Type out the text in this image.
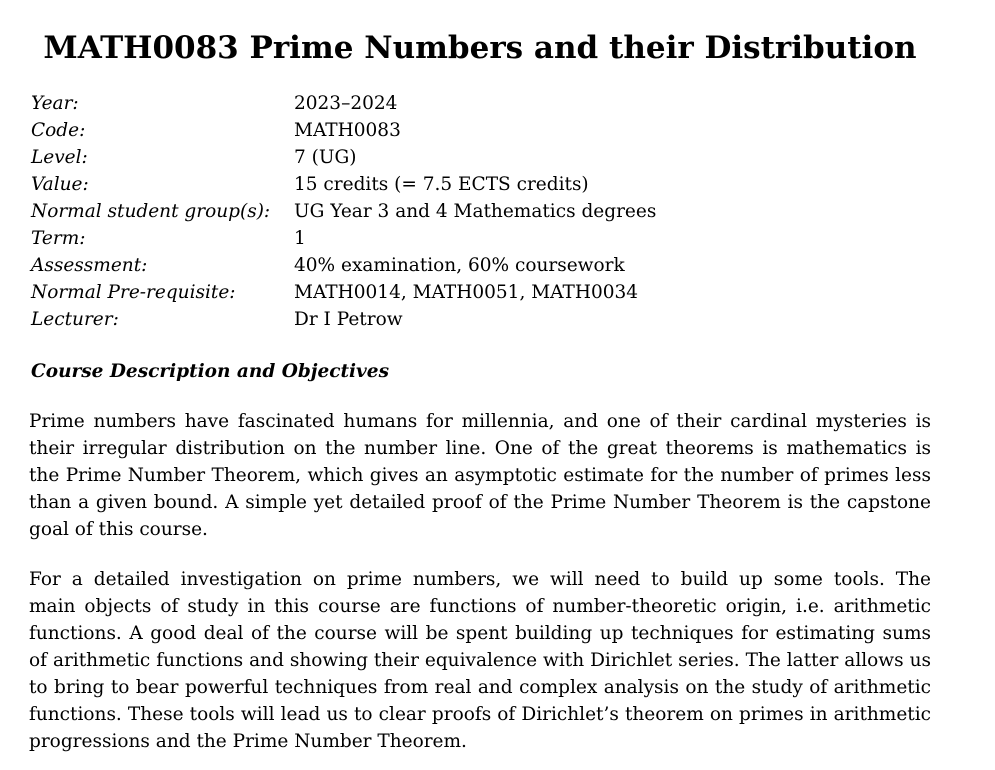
MATH0083 Prime Numbers and their Distribution
Year:	2023–2024
Code:	MATH0083
Level:	7 (UG)
Value:	15 credits (= 7.5 ECTS credits)
Normal student group(s):	UG Year 3 and 4 Mathematics degrees
Term:	1
Assessment:	40% examination, 60% coursework
Normal Pre-requisite:	MATH0014, MATH0051, MATH0034
Lecturer:	Dr I Petrow
Course Description and Objectives

Prime numbers have fascinated humans for millennia, and one of their cardinal mysteries is
their irregular distribution on the number line. One of the great theorems is mathematics is
the Prime Number Theorem, which gives an asymptotic estimate for the number of primes less
than a given bound. A simple yet detailed proof of the Prime Number Theorem is the capstone
goal of this course.

For a detailed investigation on prime numbers, we will need to build up some tools. The
main objects of study in this course are functions of number-theoretic origin, i.e. arithmetic
functions. A good deal of the course will be spent building up techniques for estimating sums
of arithmetic functions and showing their equivalence with Dirichlet series. The latter allows us
to bring to bear powerful techniques from real and complex analysis on the study of arithmetic
functions. These tools will lead us to clear proofs of Dirichlet’s theorem on primes in arithmetic
progressions and the Prime Number Theorem.
